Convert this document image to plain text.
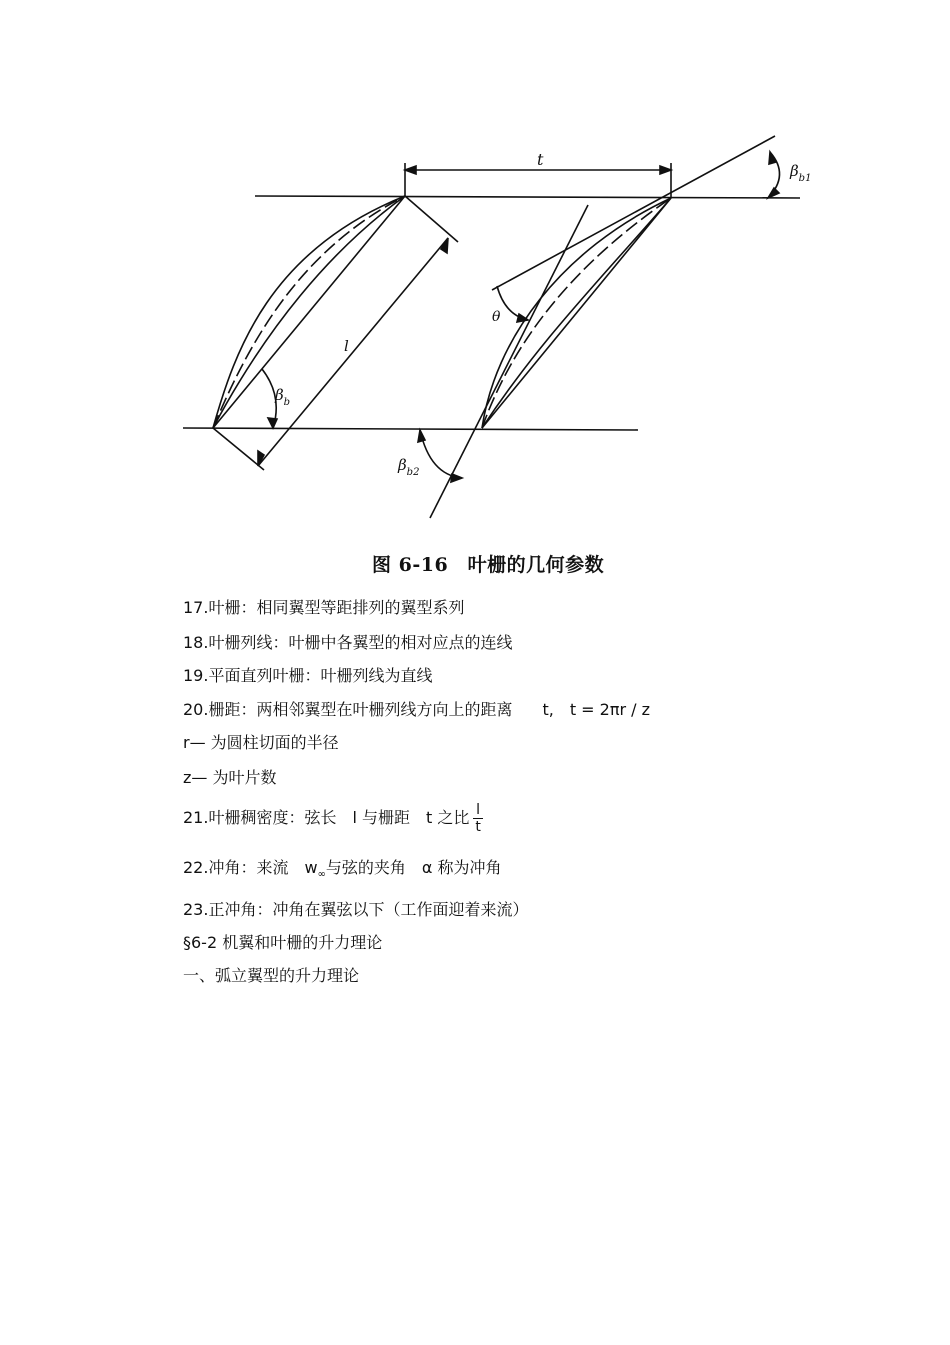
t
$\beta_{b1}$
θ
l
$\beta_b$
$\beta_{b2}$
图 6-16　叶栅的几何参数
17.叶栅：相同翼型等距排列的翼型系列
18.叶栅列线：叶栅中各翼型的相对应点的连线
19.平面直列叶栅：叶栅列线为直线
20.栅距：两相邻翼型在叶栅列线方向上的距离 t,　t = 2πr / z
r— 为圆柱切面的半径
z— 为叶片数
21.叶栅稠密度：弦长　l 与栅距　t 之比 $\frac{l}{t}$
22.冲角：来流　$w_\infty$与弦的夹角　α 称为冲角
23.正冲角：冲角在翼弦以下（工作面迎着来流）
§6-2 机翼和叶栅的升力理论
一、弧立翼型的升力理论
